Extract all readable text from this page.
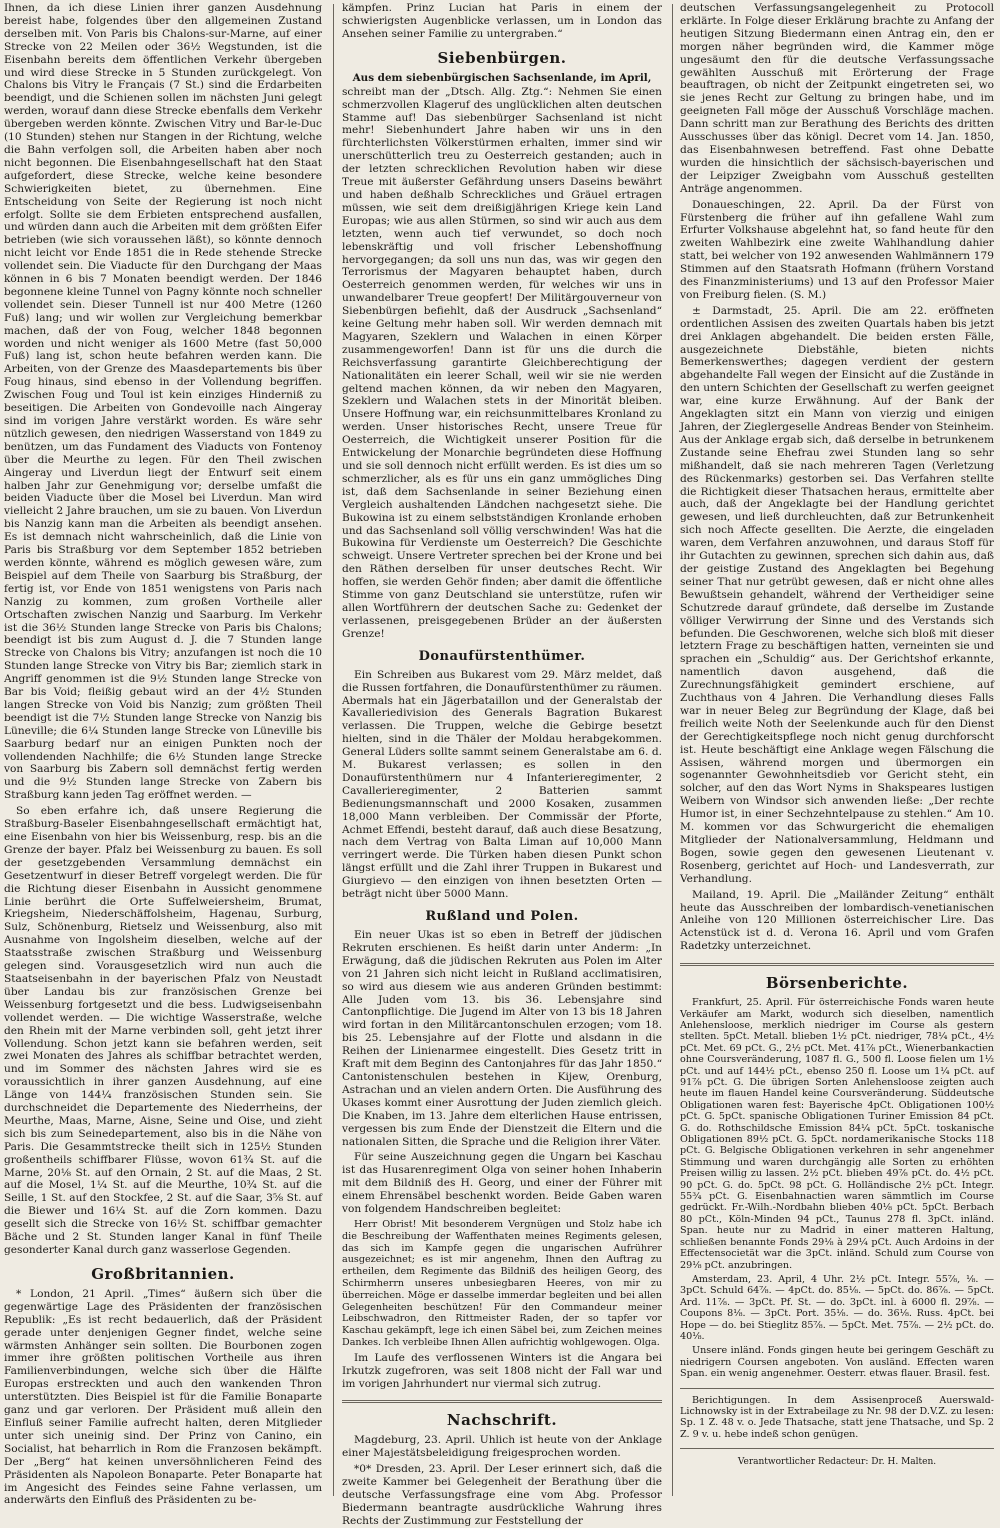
Ihnen, da ich diese Linien ihrer ganzen Ausdehnung bereist habe, folgendes über den allgemeinen Zustand derselben mit. Von Paris bis Chalons-sur-Marne, auf einer Strecke von 22 Meilen oder 36½ Wegstunden, ist die Eisenbahn bereits dem öffentlichen Verkehr übergeben und wird diese Strecke in 5 Stunden zurückgelegt. Von Chalons bis Vitry le Français (7 St.) sind die Erdarbeiten beendigt, und die Schienen sollen im nächsten Juni gelegt werden, worauf dann diese Strecke ebenfalls dem Verkehr übergeben werden könnte. Zwischen Vitry und Bar-le-Duc (10 Stunden) stehen nur Stangen in der Richtung, welche die Bahn verfolgen soll, die Arbeiten haben aber noch nicht begonnen. Die Eisenbahngesellschaft hat den Staat aufgefordert, diese Strecke, welche keine besondere Schwierigkeiten bietet, zu übernehmen. Eine Entscheidung von Seite der Regierung ist noch nicht erfolgt. Sollte sie dem Erbieten entsprechend ausfallen, und würden dann auch die Arbeiten mit dem größten Eifer betrieben (wie sich voraussehen läßt), so könnte dennoch nicht leicht vor Ende 1851 die in Rede stehende Strecke vollendet sein. Die Viaducte für den Durchgang der Maas können in 6 bis 7 Monaten beendigt werden. Der 1846 begonnene kleine Tunnel von Pagny könnte noch schneller vollendet sein. Dieser Tunnell ist nur 400 Metre (1260 Fuß) lang; und wir wollen zur Vergleichung bemerkbar machen, daß der von Foug, welcher 1848 begonnen worden und nicht weniger als 1600 Metre (fast 50,000 Fuß) lang ist, schon heute befahren werden kann. Die Arbeiten, von der Grenze des Maasdepartements bis über Foug hinaus, sind ebenso in der Vollendung begriffen. Zwischen Foug und Toul ist kein einziges Hinderniß zu beseitigen. Die Arbeiten von Gondevoille nach Aingeray sind im vorigen Jahre verstärkt worden. Es wäre sehr nützlich gewesen, den niedrigen Wasserstand von 1849 zu benützen, um das Fundament des Viaducts von Fontenoy über die Meurthe zu legen. Für den Theil zwischen Aingeray und Liverdun liegt der Entwurf seit einem halben Jahr zur Genehmigung vor; derselbe umfaßt die beiden Viaducte über die Mosel bei Liverdun. Man wird vielleicht 2 Jahre brauchen, um sie zu bauen. Von Liverdun bis Nanzig kann man die Arbeiten als beendigt ansehen. Es ist demnach nicht wahrscheinlich, daß die Linie von Paris bis Straßburg vor dem September 1852 betrieben werden könnte, während es möglich gewesen wäre, zum Beispiel auf dem Theile von Saarburg bis Straßburg, der fertig ist, vor Ende von 1851 wenigstens von Paris nach Nanzig zu kommen, zum großen Vortheile aller Ortschaften zwischen Nanzig und Saarburg. Im Verkehr ist die 36½ Stunden lange Strecke von Paris bis Chalons; beendigt ist bis zum August d. J. die 7 Stunden lange Strecke von Chalons bis Vitry; anzufangen ist noch die 10 Stunden lange Strecke von Vitry bis Bar; ziemlich stark in Angriff genommen ist die 9½ Stunden lange Strecke von Bar bis Void; fleißig gebaut wird an der 4½ Stunden langen Strecke von Void bis Nanzig; zum größten Theil beendigt ist die 7½ Stunden lange Strecke von Nanzig bis Lüneville; die 6¼ Stunden lange Strecke von Lüneville bis Saarburg bedarf nur an einigen Punkten noch der vollendenden Nachhilfe; die 6½ Stunden lange Strecke von Saarburg bis Zabern soll demnächst fertig werden und die 9½ Stunden lange Strecke von Zabern bis Straßburg kann jeden Tag eröffnet werden. —

So eben erfahre ich, daß unsere Regierung die Straßburg-Baseler Eisenbahngesellschaft ermächtigt hat, eine Eisenbahn von hier bis Weissenburg, resp. bis an die Grenze der bayer. Pfalz bei Weissenburg zu bauen. Es soll der gesetzgebenden Versammlung demnächst ein Gesetzentwurf in dieser Betreff vorgelegt werden. Die für die Richtung dieser Eisenbahn in Aussicht genommene Linie berührt die Orte Suffelweiersheim, Brumat, Kriegsheim, Niederschäffolsheim, Hagenau, Surburg, Sulz, Schönenburg, Rietselz und Weissenburg, also mit Ausnahme von Ingolsheim dieselben, welche auf der Staatsstraße zwischen Straßburg und Weissenburg gelegen sind. Vorausgesetzlich wird nun auch die Staatseisenbahn in der bayerischen Pfalz von Neustadt über Landau bis zur französischen Grenze bei Weissenburg fortgesetzt und die bess. Ludwigseisenbahn vollendet werden. — Die wichtige Wasserstraße, welche den Rhein mit der Marne verbinden soll, geht jetzt ihrer Vollendung. Schon jetzt kann sie befahren werden, seit zwei Monaten des Jahres als schiffbar betrachtet werden, und im Sommer des nächsten Jahres wird sie es voraussichtlich in ihrer ganzen Ausdehnung, auf eine Länge von 144¼ französischen Stunden sein. Sie durchschneidet die Departemente des Niederrheins, der Meurthe, Maas, Marne, Aisne, Seine und Oise, und zieht sich bis zum Seinedepartement, also bis in die Nähe von Paris. Die Gesammtstrecke theilt sich in 125½ Stunden großentheils schiffbarer Flüsse, wovon 61¾ St. auf die Marne, 20⅛ St. auf den Ornain, 2 St. auf die Maas, 2 St. auf die Mosel, 1¼ St. auf die Meurthe, 10¾ St. auf die Seille, 1 St. auf den Stockfee, 2 St. auf die Saar, 3⅝ St. auf die Biewer und 16¼ St. auf die Zorn kommen. Dazu gesellt sich die Strecke von 16½ St. schiffbar gemachter Bäche und 2 St. Stunden langer Kanal in fünf Theile gesonderter Kanal durch ganz wasserlose Gegenden.

Großbritannien.

* London, 21 April. „Times“ äußern sich über die gegenwärtige Lage des Präsidenten der französischen Republik: „Es ist recht bedauerlich, daß der Präsident gerade unter denjenigen Gegner findet, welche seine wärmsten Anhänger sein sollten. Die Bourbonen zogen immer ihre größten politischen Vortheile aus ihren Familienverbindungen, welche sich über die Hälfte Europas erstreckten und auch den wankenden Thron unterstützten. Dies Beispiel ist für die Familie Bonaparte ganz und gar verloren. Der Präsident muß allein den Einfluß seiner Familie aufrecht halten, deren Mitglieder unter sich uneinig sind. Der Prinz von Canino, ein Socialist, hat beharrlich in Rom die Franzosen bekämpft. Der „Berg“ hat keinen unversöhnlicheren Feind des Präsidenten als Napoleon Bonaparte. Peter Bonaparte hat im Angesicht des Feindes seine Fahne verlassen, um anderwärts den Einfluß des Präsidenten zu be-

kämpfen. Prinz Lucian hat Paris in einem der schwierigsten Augenblicke verlassen, um in London das Ansehen seiner Familie zu untergraben.“

Siebenbürgen.
Aus dem siebenbürgischen Sachsenlande, im April,

schreibt man der „Dtsch. Allg. Ztg.“: Nehmen Sie einen schmerzvollen Klageruf des unglücklichen alten deutschen Stamme auf! Das siebenbürger Sachsenland ist nicht mehr! Siebenhundert Jahre haben wir uns in den fürchterlichsten Völkerstürmen erhalten, immer sind wir unerschütterlich treu zu Oesterreich gestanden; auch in der letzten schrecklichen Revolution haben wir diese Treue mit äußerster Gefährdung unsers Daseins bewährt und haben deßhalb Schreckliches und Gräuel ertragen müssen, wie seit dem dreißigjährigen Kriege kein Land Europas; wie aus allen Stürmen, so sind wir auch aus dem letzten, wenn auch tief verwundet, so doch noch lebenskräftig und voll frischer Lebenshoffnung hervorgegangen; da soll uns nun das, was wir gegen den Terrorismus der Magyaren behauptet haben, durch Oesterreich genommen werden, für welches wir uns in unwandelbarer Treue geopfert! Der Militärgouverneur von Siebenbürgen befiehlt, daß der Ausdruck „Sachsenland“ keine Geltung mehr haben soll. Wir werden demnach mit Magyaren, Szeklern und Walachen in einen Körper zusammengeworfen! Dann ist für uns die durch die Reichsverfassung garantirte Gleichberechtigung der Nationalitäten ein leerer Schall, weil wir sie nie werden geltend machen können, da wir neben den Magyaren, Szeklern und Walachen stets in der Minorität bleiben. Unsere Hoffnung war, ein reichsunmittelbares Kronland zu werden. Unser historisches Recht, unsere Treue für Oesterreich, die Wichtigkeit unserer Position für die Entwickelung der Monarchie begründeten diese Hoffnung und sie soll dennoch nicht erfüllt werden. Es ist dies um so schmerzlicher, als es für uns ein ganz ummögliches Ding ist, daß dem Sachsenlande in seiner Beziehung einen Vergleich aushaltenden Ländchen nachgesetzt siehe. Die Bukowina ist zu einem selbstständigen Kronlande erhoben und das Sachsenland soll völlig verschwinden! Was hat die Bukowina für Verdienste um Oesterreich? Die Geschichte schweigt. Unsere Vertreter sprechen bei der Krone und bei den Räthen derselben für unser deutsches Recht. Wir hoffen, sie werden Gehör finden; aber damit die öffentliche Stimme von ganz Deutschland sie unterstütze, rufen wir allen Wortführern der deutschen Sache zu: Gedenket der verlassenen, preisgegebenen Brüder an der äußersten Grenze!

Donaufürstenthümer.

Ein Schreiben aus Bukarest vom 29. März meldet, daß die Russen fortfahren, die Donaufürstenthümer zu räumen. Abermals hat ein Jägerbataillon und der Generalstab der Kavalleriedivision des Generals Bagration Bukarest verlassen. Die Truppen, welche die Gebirge besetzt hielten, sind in die Thäler der Moldau herabgekommen. General Lüders sollte sammt seinem Generalstabe am 6. d. M. Bukarest verlassen; es sollen in den Donaufürstenthümern nur 4 Infanterieregimenter, 2 Cavallerieregimenter, 2 Batterien sammt Bedienungsmannschaft und 2000 Kosaken, zusammen 18,000 Mann verbleiben. Der Commissär der Pforte, Achmet Effendi, besteht darauf, daß auch diese Besatzung, nach dem Vertrag von Balta Liman auf 10,000 Mann verringert werde. Die Türken haben diesen Punkt schon längst erfüllt und die Zahl ihrer Truppen in Bukarest und Giurgievo — den einzigen von ihnen besetzten Orten — beträgt nicht über 5000 Mann.

Rußland und Polen.

Ein neuer Ukas ist so eben in Betreff der jüdischen Rekruten erschienen. Es heißt darin unter Anderm: „In Erwägung, daß die jüdischen Rekruten aus Polen im Alter von 21 Jahren sich nicht leicht in Rußland acclimatisiren, so wird aus diesem wie aus anderen Gründen bestimmt: Alle Juden vom 13. bis 36. Lebensjahre sind Cantonpflichtige. Die Jugend im Alter von 13 bis 18 Jahren wird fortan in den Militärcantonschulen erzogen; vom 18. bis 25. Lebensjahre auf der Flotte und alsdann in die Reihen der Linienarmee eingestellt. Dies Gesetz tritt in Kraft mit dem Beginn des Cantonjahres für das Jahr 1850.“ Cantonistenschulen bestehen in Kijew, Orenburg, Astrachan und an vielen andern Orten. Die Ausführung des Ukases kommt einer Ausrottung der Juden ziemlich gleich. Die Knaben, im 13. Jahre dem elterlichen Hause entrissen, vergessen bis zum Ende der Dienstzeit die Eltern und die nationalen Sitten, die Sprache und die Religion ihrer Väter.

Für seine Auszeichnung gegen die Ungarn bei Kaschau ist das Husarenregiment Olga von seiner hohen Inhaberin mit dem Bildniß des H. Georg, und einer der Führer mit einem Ehrensäbel beschenkt worden. Beide Gaben waren von folgendem Handschreiben begleitet:

Herr Obrist! Mit besonderem Vergnügen und Stolz habe ich die Beschreibung der Waffenthaten meines Regiments gelesen, das sich im Kampfe gegen die ungarischen Aufrührer ausgezeichnet; es ist mir angenehm, Ihnen den Auftrag zu ertheilen, dem Regimente das Bildniß des heiligen Georg, des Schirmherrn unseres unbesiegbaren Heeres, von mir zu überreichen. Möge er dasselbe immerdar begleiten und bei allen Gelegenheiten beschützen! Für den Commandeur meiner Leibschwadron, den Rittmeister Raden, der so tapfer vor Kaschau gekämpft, lege ich einen Säbel bei, zum Zeichen meines Dankes. Ich verbleibe Ihnen Allen aufrichtig wohlgewogen. Olga.

Im Laufe des verflossenen Winters ist die Angara bei Irkutzk zugefroren, was seit 1808 nicht der Fall war und im vorigen Jahrhundert nur viermal sich zutrug.

Nachschrift.

Magdeburg, 23. April. Uhlich ist heute von der Anklage einer Majestätsbeleidigung freigesprochen worden.

*0* Dresden, 23. April. Der Leser erinnert sich, daß die zweite Kammer bei Gelegenheit der Berathung über die deutsche Verfassungsfrage eine vom Abg. Professor Biedermann beantragte ausdrückliche Wahrung ihres Rechts der Zustimmung zur Feststellung der

deutschen Verfassungsangelegenheit zu Protocoll erklärte. In Folge dieser Erklärung brachte zu Anfang der heutigen Sitzung Biedermann einen Antrag ein, den er morgen näher begründen wird, die Kammer möge ungesäumt den für die deutsche Verfassungssache gewählten Ausschuß mit Erörterung der Frage beauftragen, ob nicht der Zeitpunkt eingetreten sei, wo sie jenes Recht zur Geltung zu bringen habe, und im geeigneten Fall möge der Ausschuß Vorschläge machen. Dann schritt man zur Berathung des Berichts des dritten Ausschusses über das königl. Decret vom 14. Jan. 1850, das Eisenbahnwesen betreffend. Fast ohne Debatte wurden die hinsichtlich der sächsisch-bayerischen und der Leipziger Zweigbahn vom Ausschuß gestellten Anträge angenommen.

Donaueschingen, 22. April. Da der Fürst von Fürstenberg die früher auf ihn gefallene Wahl zum Erfurter Volkshause abgelehnt hat, so fand heute für den zweiten Wahlbezirk eine zweite Wahlhandlung dahier statt, bei welcher von 192 anwesenden Wahlmännern 179 Stimmen auf den Staatsrath Hofmann (frühern Vorstand des Finanzministeriums) und 13 auf den Professor Maier von Freiburg fielen. (S. M.)

± Darmstadt, 25. April. Die am 22. eröffneten ordentlichen Assisen des zweiten Quartals haben bis jetzt drei Anklagen abgehandelt. Die beiden ersten Fälle, ausgezeichnete Diebstähle, bieten nichts Bemerkenswerthes; dagegen verdient der gestern abgehandelte Fall wegen der Einsicht auf die Zustände in den untern Schichten der Gesellschaft zu werfen geeignet war, eine kurze Erwähnung. Auf der Bank der Angeklagten sitzt ein Mann von vierzig und einigen Jahren, der Zieglergeselle Andreas Bender von Steinheim. Aus der Anklage ergab sich, daß derselbe in betrunkenem Zustande seine Ehefrau zwei Stunden lang so sehr mißhandelt, daß sie nach mehreren Tagen (Verletzung des Rückenmarks) gestorben sei. Das Verfahren stellte die Richtigkeit dieser Thatsachen heraus, ermittelte aber auch, daß der Angeklagte bei der Handlung gerichtet gewesen, und ließ durchleuchten, daß zur Betrunkenheit sich noch Affecte gesellten. Die Aerzte, die eingeladen waren, dem Verfahren anzuwohnen, und daraus Stoff für ihr Gutachten zu gewinnen, sprechen sich dahin aus, daß der geistige Zustand des Angeklagten bei Begehung seiner That nur getrübt gewesen, daß er nicht ohne alles Bewußtsein gehandelt, während der Vertheidiger seine Schutzrede darauf gründete, daß derselbe im Zustande völliger Verwirrung der Sinne und des Verstands sich befunden. Die Geschworenen, welche sich bloß mit dieser letztern Frage zu beschäftigen hatten, verneinten sie und sprachen ein „Schuldig“ aus. Der Gerichtshof erkannte, namentlich davon ausgehend, daß die Zurechnungsfähigkeit gemindert erschiene, auf Zuchthaus von 4 Jahren. Die Verhandlung dieses Falls war in neuer Beleg zur Begründung der Klage, daß bei freilich weite Noth der Seelenkunde auch für den Dienst der Gerechtigkeitspflege noch nicht genug durchforscht ist. Heute beschäftigt eine Anklage wegen Fälschung die Assisen, während morgen und übermorgen ein sogenannter Gewohnheitsdieb vor Gericht steht, ein solcher, auf den das Wort Nyms in Shakspeares lustigen Weibern von Windsor sich anwenden ließe: „Der rechte Humor ist, in einer Sechzehntelpause zu stehlen.“ Am 10. M. kommen vor das Schwurgericht die ehemaligen Mitglieder der Nationalversammlung, Heldmann und Bogen, sowie gegen den gewesenen Lieutenant v. Rosenberg, gerichtet auf Hoch- und Landesverrath, zur Verhandlung.

Mailand, 19. April. Die „Mailänder Zeitung“ enthält heute das Ausschreiben der lombardisch-venetianischen Anleihe von 120 Millionen österreichischer Lire. Das Actenstück ist d. d. Verona 16. April und vom Grafen Radetzky unterzeichnet.

Börsenberichte.

Frankfurt, 25. April. Für österreichische Fonds waren heute Verkäufer am Markt, wodurch sich dieselben, namentlich Anlehensloose, merklich niedriger im Course als gestern stellten. 5pCt. Metall. blieben 1½ pCt. niedriger, 78¼ pCt., 4½ pCt. Met. 69 pCt. G., 2½ pCt. Met. 41⅞ pCt., Wienerbankactien ohne Coursveränderung, 1087 fl. G., 500 fl. Loose fielen um 1½ pCt. und auf 144½ pCt., ebenso 250 fl. Loose um 1¼ pCt. auf 91⅞ pCt. G. Die übrigen Sorten Anlehensloose zeigten auch heute im flauen Handel keine Coursveränderung. Süddeutsche Obligationen waren fest: Bayerische 4pCt. Obligationen 100½ pCt. G. 5pCt. spanische Obligationen Turiner Emission 84 pCt. G. do. Rothschildsche Emission 84¼ pCt. 5pCt. toskanische Obligationen 89½ pCt. G. 5pCt. nordamerikanische Stocks 118 pCt. G. Belgische Obligationen verkehren in sehr angenehmer Stimmung und waren durchgängig alle Sorten zu erhöhten Preisen willig zu lassen. 2½ pCt. blieben 49⅞ pCt. do. 4½ pCt. 90 pCt. G. do. 5pCt. 98 pCt. G. Holländische 2½ pCt. Integr. 55¾ pCt. G. Eisenbahnactien waren sämmtlich im Course gedrückt. Fr.-Wilh.-Nordbahn blieben 40⅛ pCt. 5pCt. Berbach 80 pCt., Köln-Minden 94 pCt., Taunus 278 fl. 3pCt. inländ. Span. heute nur zu Madrid in einer matteren Haltung, schließen benannte Fonds 29⅛ à 29¼ pCt. Auch Ardoins in der Effectensocietät war die 3pCt. inländ. Schuld zum Course von 29⅛ pCt. anzubringen.

Amsterdam, 23. April, 4 Uhr. 2½ pCt. Integr. 55⅞, ⅛. — 3pCt. Schuld 64⅞. — 4pCt. do. 85⅛. — 5pCt. do. 86⅞. — 5pCt. Ard. 11⅞. — 3pCt. Pf. St. — do. 3pCt. inl. à 6000 fl. 29⅞. — Coupons 8⅛. — 3pCt. Port. 35⅛. — do. 36⅛. Russ. 4pCt. bei Hope — do. bei Stieglitz 85⅞. — 5pCt. Met. 75⅞. — 2½ pCt. do. 40⅛.

Unsere inländ. Fonds gingen heute bei geringem Geschäft zu niedrigern Coursen angeboten. Von ausländ. Effecten waren Span. ein wenig angenehmer. Oesterr. etwas flauer. Brasil. fest.

Berichtigungen. In dem Assisenproceß Auerswald-Lichnowsky ist in der Extrabeilage zu Nr. 98 der D.V.Z. zu lesen: Sp. 1 Z. 48 v. o. Jede Thatsache, statt jene Thatsache, und Sp. 2 Z. 9 v. u. hebe indeß schon genügen.

Verantwortlicher Redacteur: Dr. H. Malten.
